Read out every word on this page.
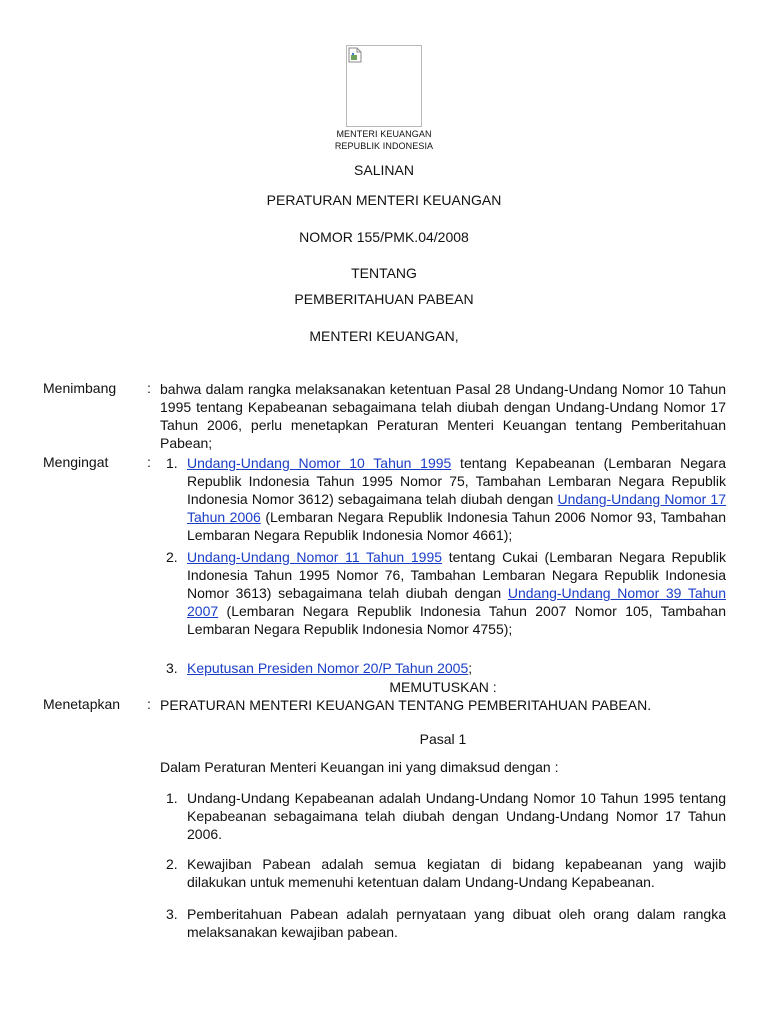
MENTERI KEUANGAN
REPUBLIK INDONESIA
SALINAN
PERATURAN MENTERI KEUANGAN
NOMOR 155/PMK.04/2008
TENTANG
PEMBERITAHUAN PABEAN
MENTERI KEUANGAN,
Menimbang : bahwa dalam rangka melaksanakan ketentuan Pasal 28 Undang-Undang Nomor 10 Tahun 1995 tentang Kepabeanan sebagaimana telah diubah dengan Undang-Undang Nomor 17 Tahun 2006, perlu menetapkan Peraturan Menteri Keuangan tentang Pemberitahuan Pabean;
Mengingat	: 1. Undang-Undang Nomor 10 Tahun 1995 tentang Kepabeanan (Lembaran Negara Republik Indonesia Tahun 1995 Nomor 75, Tambahan Lembaran Negara Republik Indonesia Nomor 3612) sebagaimana telah diubah dengan Undang-Undang Nomor 17 Tahun 2006 (Lembaran Negara Republik Indonesia Tahun 2006 Nomor 93, Tambahan Lembaran Negara Republik Indonesia Nomor 4661);
2. Undang-Undang Nomor 11 Tahun 1995 tentang Cukai (Lembaran Negara Republik Indonesia Tahun 1995 Nomor 76, Tambahan Lembaran Negara Republik Indonesia Nomor 3613) sebagaimana telah diubah dengan Undang-Undang Nomor 39 Tahun 2007 (Lembaran Negara Republik Indonesia Tahun 2007 Nomor 105, Tambahan Lembaran Negara Republik Indonesia Nomor 4755);
3. Keputusan Presiden Nomor 20/P Tahun 2005;
MEMUTUSKAN :
Menetapkan : PERATURAN MENTERI KEUANGAN TENTANG PEMBERITAHUAN PABEAN.
Pasal 1
Dalam Peraturan Menteri Keuangan ini yang dimaksud dengan :
1. Undang-Undang Kepabeanan adalah Undang-Undang Nomor 10 Tahun 1995 tentang Kepabeanan sebagaimana telah diubah dengan Undang-Undang Nomor 17 Tahun 2006.
2. Kewajiban Pabean adalah semua kegiatan di bidang kepabeanan yang wajib dilakukan untuk memenuhi ketentuan dalam Undang-Undang Kepabeanan.
3. Pemberitahuan Pabean adalah pernyataan yang dibuat oleh orang dalam rangka melaksanakan kewajiban pabean.
